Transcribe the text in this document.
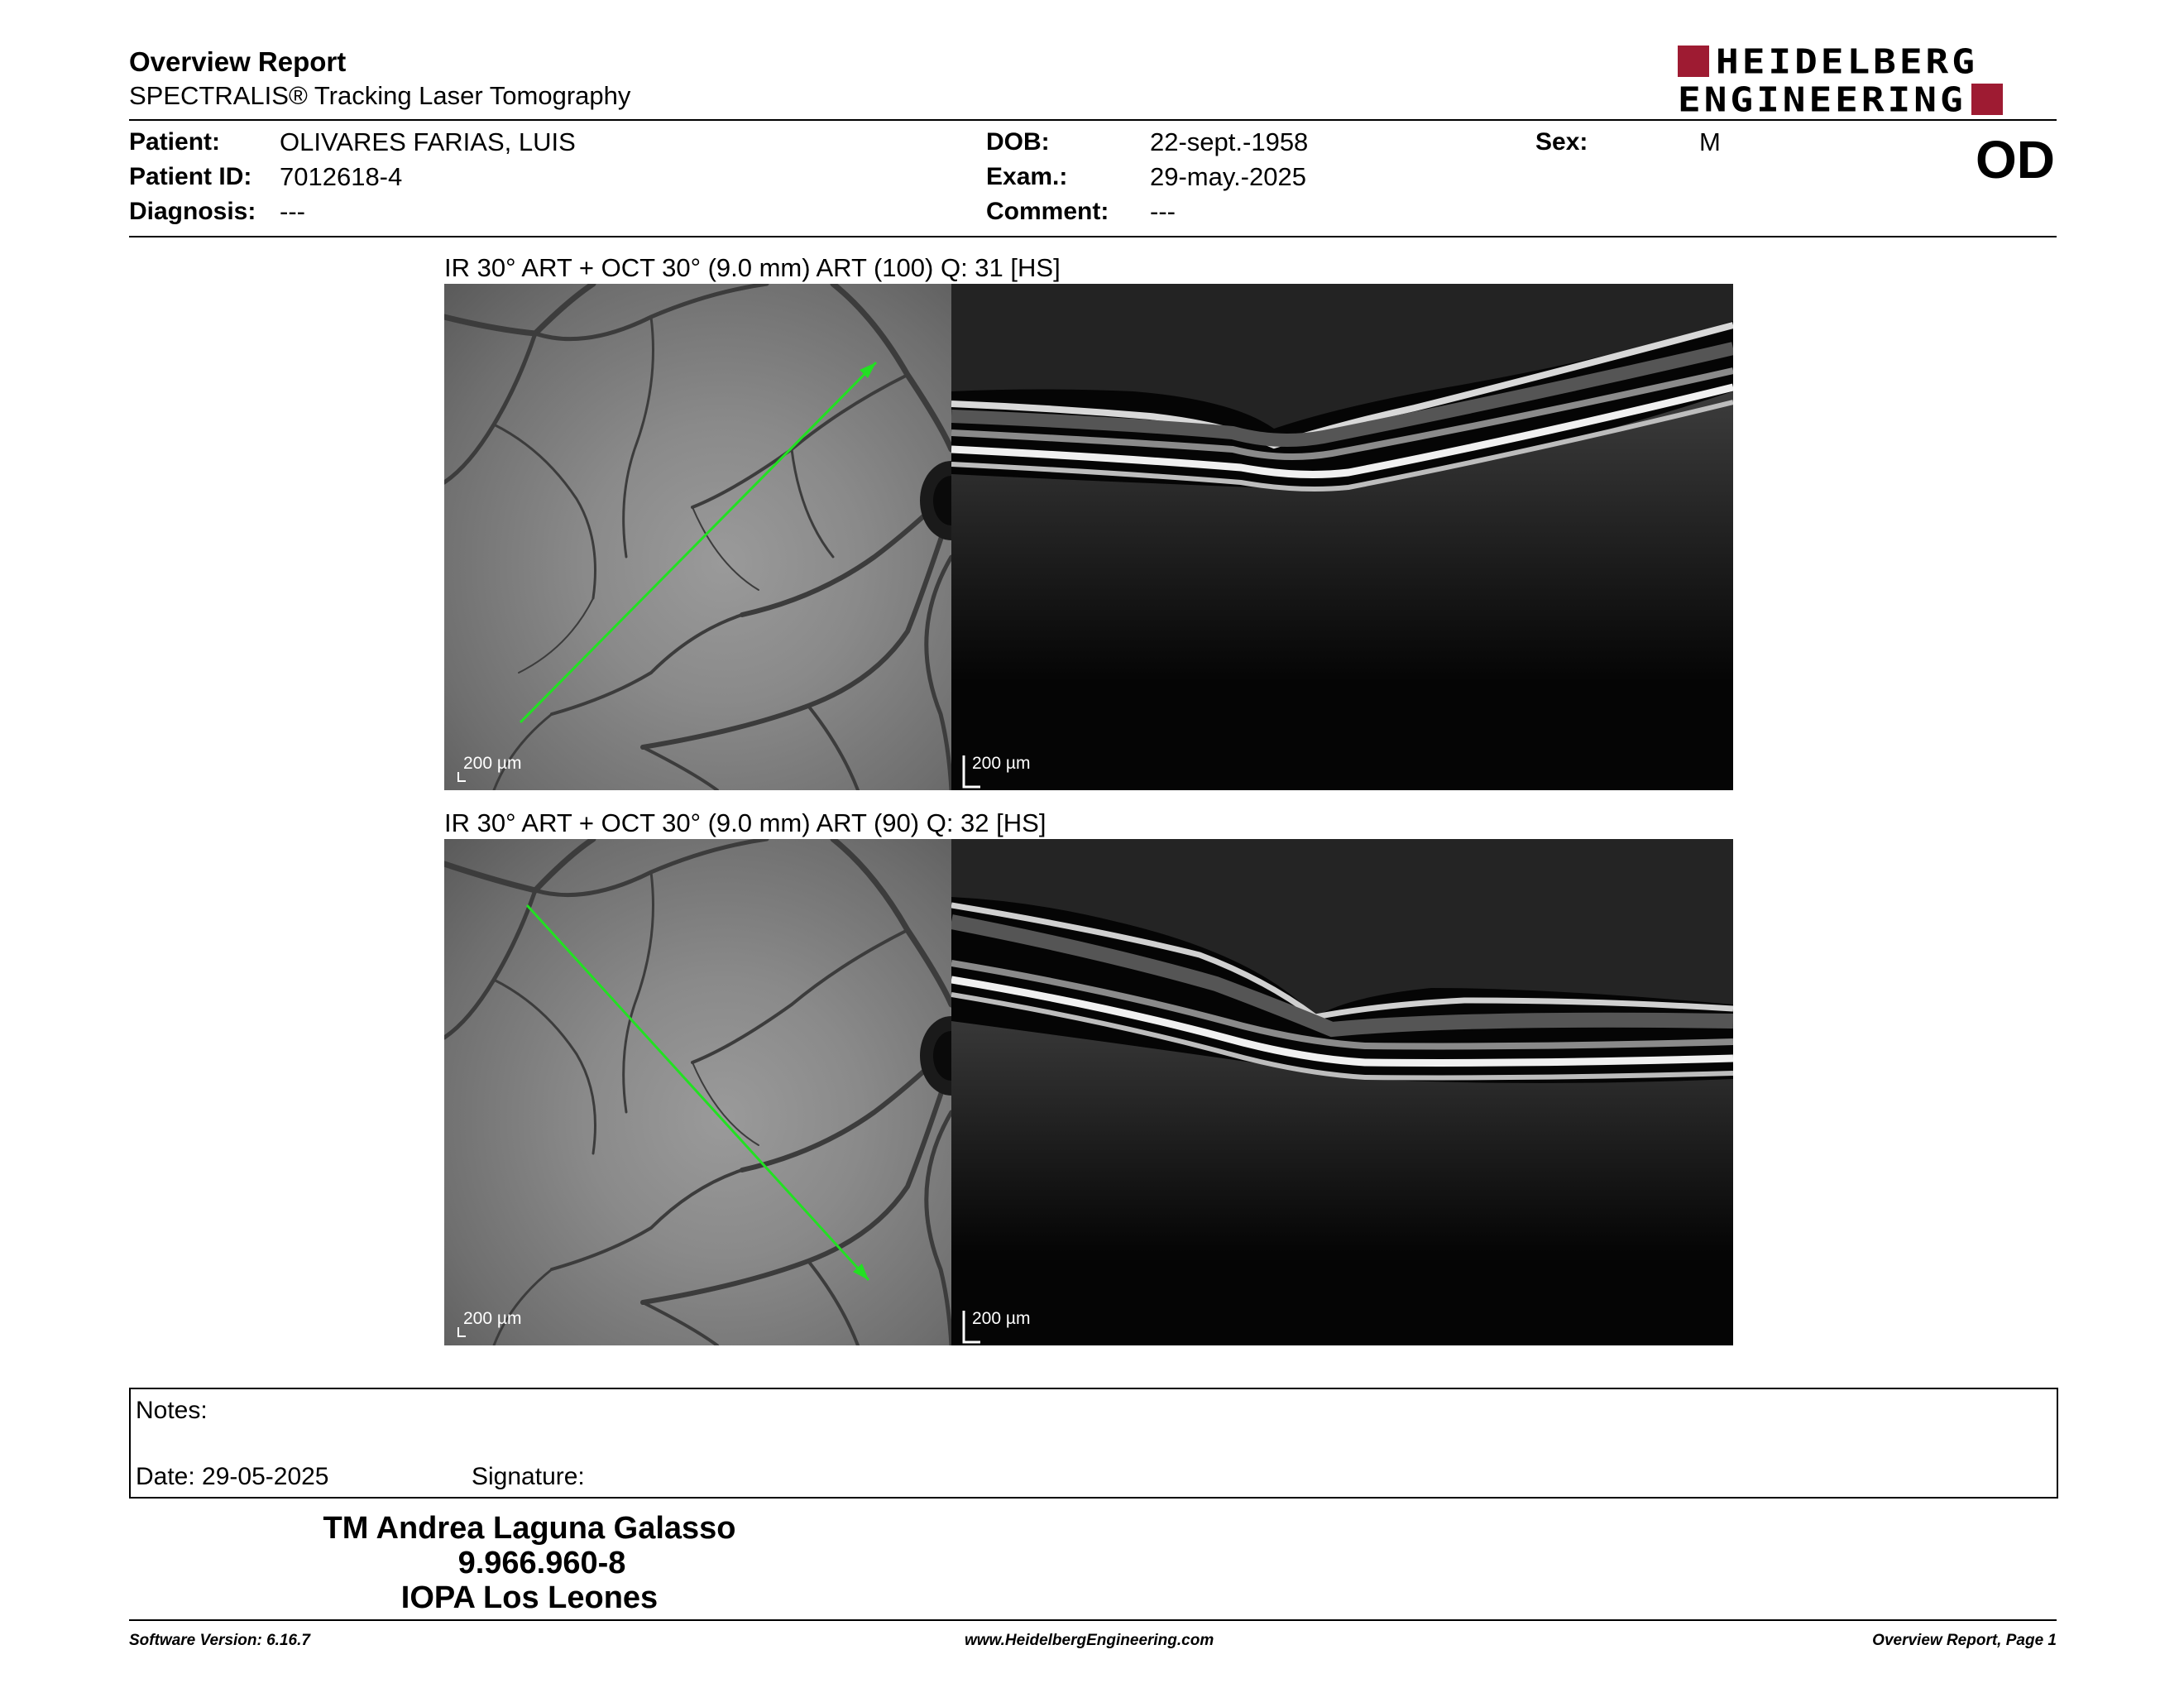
Overview Report
SPECTRALIS® Tracking Laser Tomography
HEIDELBERG
ENGINEERING
Patient: OLIVARES FARIAS, LUIS
Patient ID: 7012618-4
Diagnosis: ---
DOB:	22-sept.-1958
Exam.:	29-may.-2025
Comment: ---
Sex:	M	OD
IR 30° ART + OCT 30° (9.0 mm) ART (100) Q: 31 [HS]
200 µm	200 µm
IR 30° ART + OCT 30° (9.0 mm) ART (90) Q: 32 [HS]
200 µm	200 µm
Notes:
Date: 29-05-2025	Signature:
TM Andrea Laguna Galasso
9.966.960-8
IOPA Los Leones
Software Version: 6.16.7	www.HeidelbergEngineering.com	Overview Report, Page 1
